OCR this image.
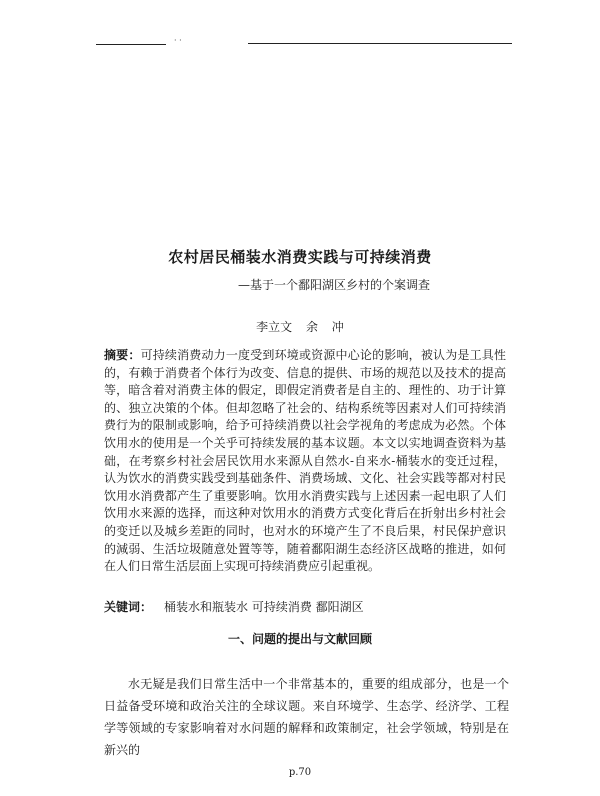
· ·
农村居民桶装水消费实践与可持续消费
—基于一个鄱阳湖区乡村的个案调查
李立文 余 冲
摘要：可持续消费动力一度受到环境或资源中心论的影响，被认为是工具性的，有赖于消费者个体行为改变、信息的提供、市场的规范以及技术的提高等，暗含着对消费主体的假定，即假定消费者是自主的、理性的、功于计算的、独立决策的个体。但却忽略了社会的、结构系统等因素对人们可持续消费行为的限制或影响，给予可持续消费以社会学视角的考虑成为必然。个体饮用水的使用是一个关乎可持续发展的基本议题。本文以实地调查资料为基础，在考察乡村社会居民饮用水来源从自然水-自来水-桶装水的变迁过程，认为饮水的消费实践受到基础条件、消费场域、文化、社会实践等都对村民饮用水消费都产生了重要影响。饮用水消费实践与上述因素一起电职了人们饮用水来源的选择，而这种对饮用水的消费方式变化背后在折射出乡村社会的变迁以及城乡差距的同时，也对水的环境产生了不良后果，村民保护意识的減弱、生活垃圾随意处置等等，随着鄱阳湖生态经济区战略的推进，如何在人们日常生活层面上实现可持续消费应引起重视。
关键词： 桶装水和瓶装水 可持续消费 鄱阳湖区
一、问题的提出与文献回顾
水无疑是我们日常生活中一个非常基本的，重要的组成部分，也是一个日益备受环境和政治关注的全球议题。来自环境学、生态学、经济学、工程学等领域的专家影响着对水问题的解释和政策制定，社会学领域，特别是在新兴的
p.70
